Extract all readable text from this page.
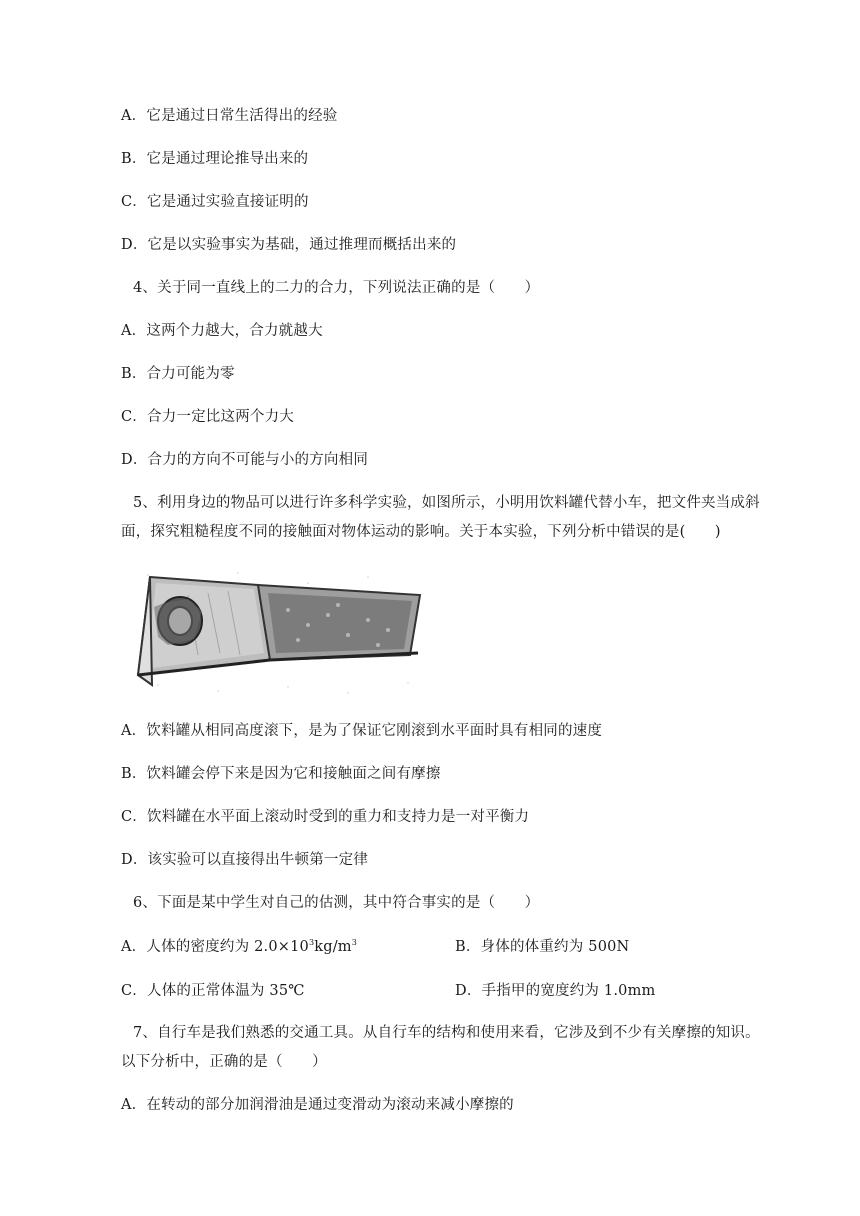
A．它是通过日常生活得出的经验
B．它是通过理论推导出来的
C．它是通过实验直接证明的
D．它是以实验事实为基础，通过推理而概括出来的
4、关于同一直线上的二力的合力，下列说法正确的是（　　）
A．这两个力越大，合力就越大
B．合力可能为零
C．合力一定比这两个力大
D．合力的方向不可能与小的方向相同
5、利用身边的物品可以进行许多科学实验，如图所示，小明用饮料罐代替小车，把文件夹当成斜
面，探究粗糙程度不同的接触面对物体运动的影响。关于本实验，下列分析中错误的是(　　)
A．饮料罐从相同高度滚下，是为了保证它刚滚到水平面时具有相同的速度
B．饮料罐会停下来是因为它和接触面之间有摩擦
C．饮料罐在水平面上滚动时受到的重力和支持力是一对平衡力
D．该实验可以直接得出牛顿第一定律
6、下面是某中学生对自己的估测，其中符合事实的是（　　）
A．人体的密度约为 $2.0\times 10^3kg/m^3$	B．身体的体重约为 500N
C．人体的正常体温为 35℃	D．手指甲的宽度约为 1.0mm
7、自行车是我们熟悉的交通工具。从自行车的结构和使用来看，它涉及到不少有关摩擦的知识。
以下分析中，正确的是（　　）
A．在转动的部分加润滑油是通过变滑动为滚动来减小摩擦的
